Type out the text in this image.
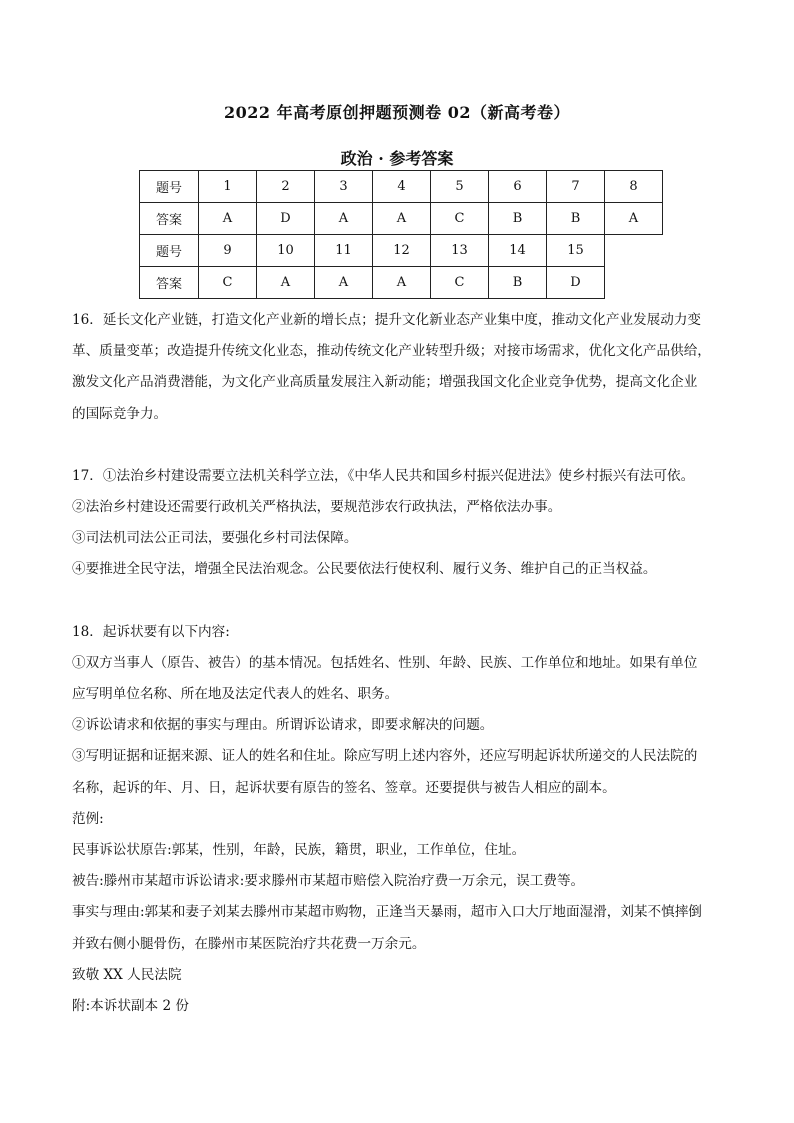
2022 年高考原创押题预测卷 02（新高考卷）
政治 · 参考答案
题号	1	2	3	4	5	6	7	8
答案	A	D	A	A	C	B	B	A
题号	9	10	11	12	13	14	15	
答案	C	A	A	A	C	B	D	

16．延长文化产业链，打造文化产业新的增长点；提升文化新业态产业集中度，推动文化产业发展动力变

革、质量变革；改造提升传统文化业态，推动传统文化产业转型升级；对接市场需求，优化文化产品供给，

激发文化产品消费潜能，为文化产业高质量发展注入新动能；增强我国文化企业竞争优势，提高文化企业

的国际竞争力。

17．①法治乡村建设需要立法机关科学立法，《中华人民共和国乡村振兴促进法》使乡村振兴有法可依。

②法治乡村建设还需要行政机关严格执法，要规范涉农行政执法，严格依法办事。

③司法机司法公正司法，要强化乡村司法保障。

④要推进全民守法，增强全民法治观念。公民要依法行使权利、履行义务、维护自己的正当权益。

18．起诉状要有以下内容:

①双方当事人（原告、被告）的基本情况。包括姓名、性别、年龄、民族、工作单位和地址。如果有单位

应写明单位名称、所在地及法定代表人的姓名、职务。

②诉讼请求和依据的事实与理由。所谓诉讼请求，即要求解决的问题。

③写明证据和证据来源、证人的姓名和住址。除应写明上述内容外，还应写明起诉状所递交的人民法院的

名称，起诉的年、月、日，起诉状要有原告的签名、签章。还要提供与被告人相应的副本。

范例:

民事诉讼状原告:郭某，性别，年龄，民族，籍贯，职业，工作单位，住址。

被告:滕州市某超市诉讼请求:要求滕州市某超市赔偿入院治疗费一万余元，误工费等。

事实与理由:郭某和妻子刘某去滕州市某超市购物，正逢当天暴雨，超市入口大厅地面湿滑，刘某不慎摔倒

并致右侧小腿骨伤，在滕州市某医院治疗共花费一万余元。

致敬 XX 人民法院

附:本诉状副本 2 份
